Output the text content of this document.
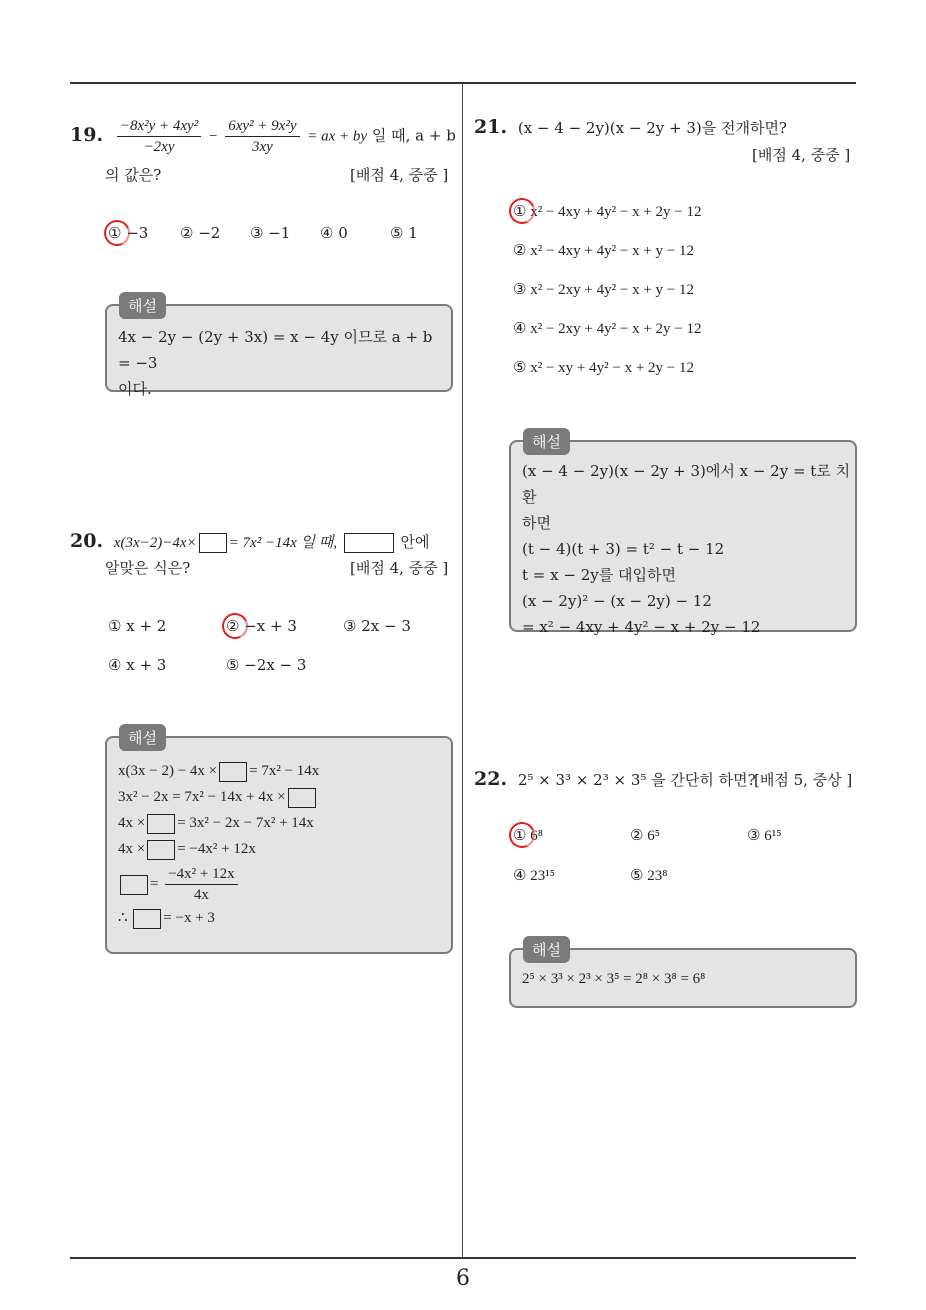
6
19. $\frac{\text{−8x²y + 4xy²}}{-2xy} - \frac{\text{6xy² + 9x²y}}{3xy}$ = ax + by 일 때, a + b
의 값은?	[배점 4, 중중 ]
① −3 ② −2 ③ −1 ④ 0	⑤ 1
해설
4x − 2y − (2y + 3x) = x − 4y 이므로 a + b = −3
이다.
20. x(3x−2)−4x× = 7x² −14x 일 때,	안에
알맞은 식은?	[배점 4, 중중 ]
① x + 2	② −x + 3	③ 2x − 3
④ x + 3	⑤ −2x − 3
해설
x(3x − 2) − 4x × = 7x² − 14x
3x² − 2x = 7x² − 14x + 4x ×
4x × = 3x² − 2x − 7x² + 14x
4x × = −4x² + 12x
= $\frac{\text{−4x² + 12x}}{4x}$
∴ = −x + 3
21. (x − 4 − 2y)(x − 2y + 3)을 전개하면?
[배점 4, 중중 ]
① x² − 4xy + 4y² − x + 2y − 12
② x² − 4xy + 4y² − x + y − 12
③ x² − 2xy + 4y² − x + y − 12
④ x² − 2xy + 4y² − x + 2y − 12
⑤ x² − xy + 4y² − x + 2y − 12
해설
(x − 4 − 2y)(x − 2y + 3)에서 x − 2y = t로 치환
하면
(t − 4)(t + 3) = t² − t − 12
t = x − 2y를 대입하면
(x − 2y)² − (x − 2y) − 12
= x² − 4xy + 4y² − x + 2y − 12
22. 2⁵ × 3³ × 2³ × 3⁵ 을 간단히 하면?
[배점 5, 중상 ]
① 6⁸	② 6⁵	③ 6¹⁵
④ 23¹⁵	⑤ 23⁸
해설
2⁵ × 3³ × 2³ × 3⁵ = 2⁸ × 3⁸ = 6⁸
